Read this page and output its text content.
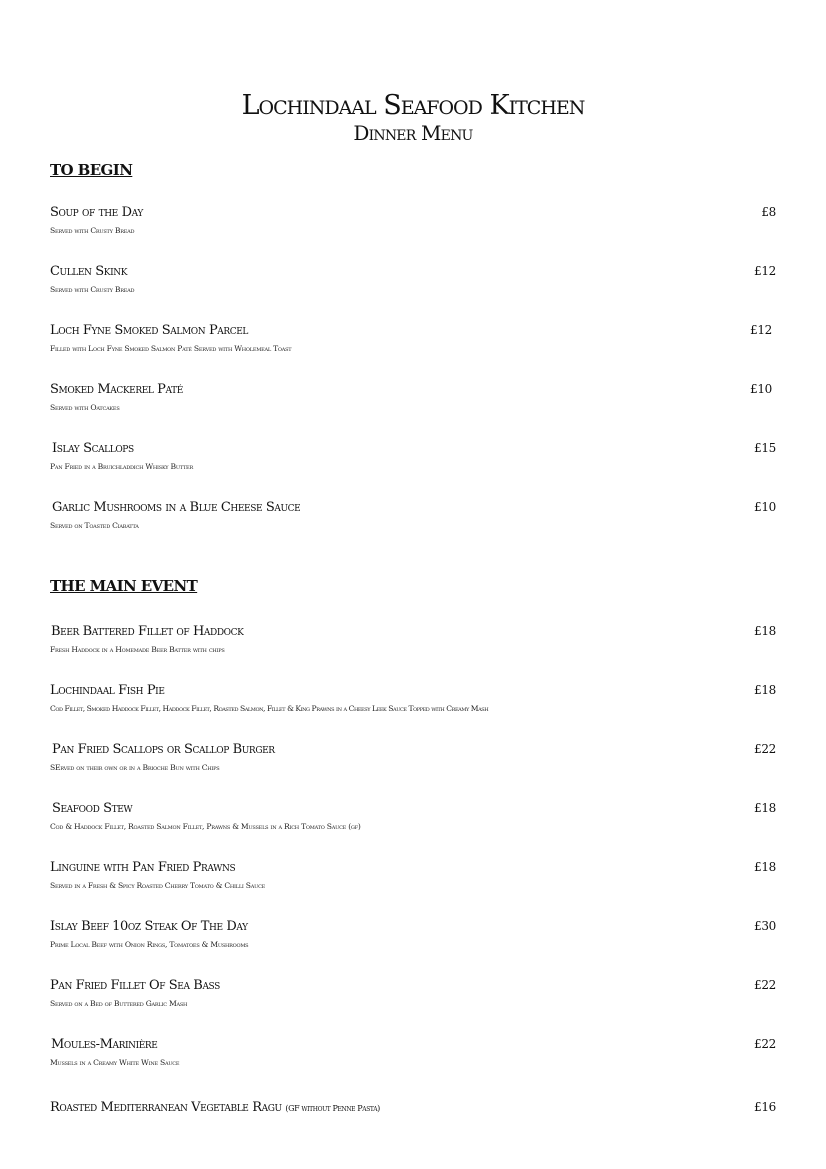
Lochindaal Seafood Kitchen
Dinner Menu
TO BEGIN
Soup of the Day	£8
Served with Crusty Bread
Cullen Skink	£12
Served with Crusty Bread
Loch Fyne Smoked Salmon Parcel	£12
Filled with Loch Fyne Smoked Salmon Paté Served with Wholemeal Toast
Smoked Mackerel Paté	£10
Served with Oatcakes
Islay Scallops	£15
Pan Fried in a Bruichladdich Whisky Butter
Garlic Mushrooms in a Blue Cheese Sauce	£10
Served on Toasted Ciabatta
THE MAIN EVENT
Beer Battered Fillet of Haddock	£18
Fresh Haddock in a Homemade Beer Batter with chips
Lochindaal Fish Pie	£18
Cod Fillet, Smoked Haddock Fillet, Haddock Fillet, Roasted Salmon, Fillet & King Prawns in a Cheesy Leek Sauce Topped with Creamy Mash
Pan Fried Scallops or Scallop Burger	£22
SErved on their own or in a Brioche Bun with Chips
Seafood Stew	£18
Cod & Haddock Fillet, Roasted Salmon Fillet, Prawns & Mussels in a Rich Tomato Sauce (gf)
Linguine with Pan Fried Prawns	£18
Served in a Fresh & Spicy Roasted Cherry Tomato & Chilli Sauce
Islay Beef 10oz Steak Of The Day	£30
Prime Local Beef with Onion Rings, Tomatoes & Mushrooms
Pan Fried Fillet Of Sea Bass	£22
Served on a Bed of Buttered Garlic Mash
Moules-Marinière	£22
Mussels in a Creamy White Wine Sauce
Roasted Mediterranean Vegetable Ragu (GF without Penne Pasta)	£16
